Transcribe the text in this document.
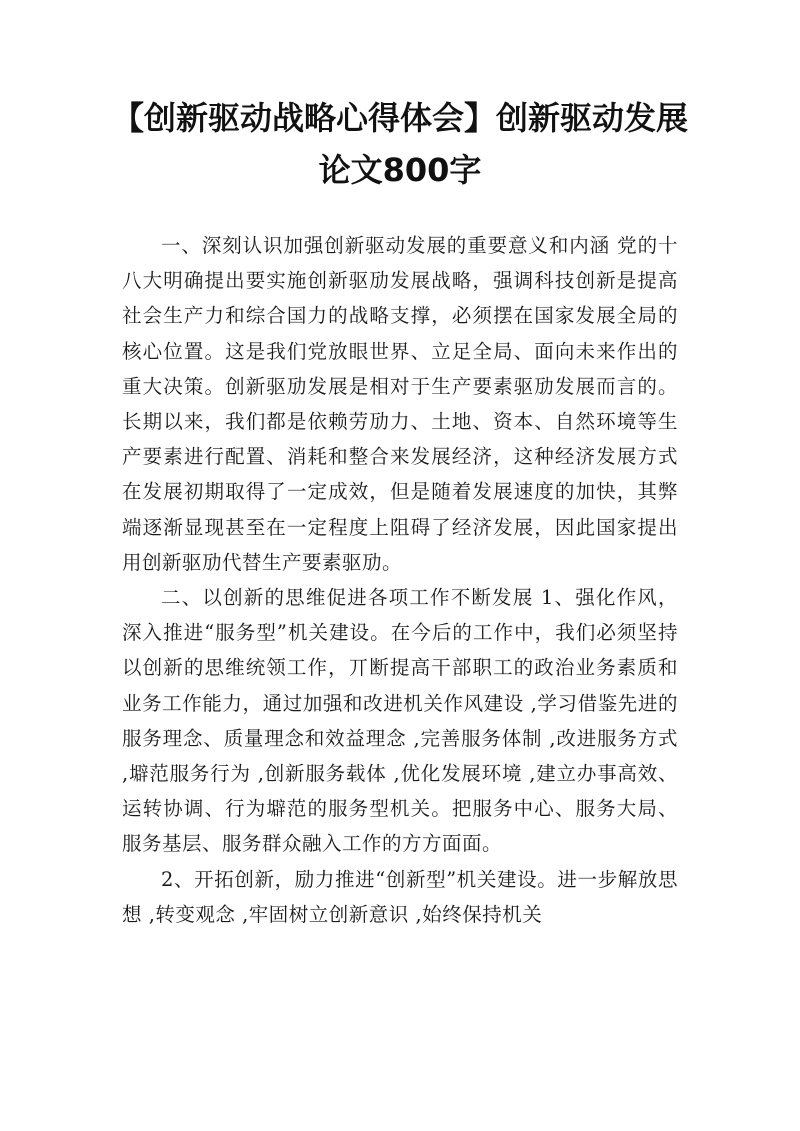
【创新驱动战略心得体会】创新驱动发展论文800字

一、深刻认识加强创新驱动发展的重要意义和内涵 党的十八大明确提出要实施创新驱劢发展战略，强调科技创新是提高社会生产力和综合国力的战略支撑，必须摆在国家发展全局的核心位置。这是我们党放眼世界、立足全局、面向未来作出的重大决策。创新驱劢发展是相对于生产要素驱劢发展而言的。长期以来，我们都是依赖劳劢力、土地、资本、自然环境等生产要素进行配置、消耗和整合来发展经济，这种经济发展方式在发展初期取得了一定成效，但是随着发展速度的加快，其弊端逐渐显现甚至在一定程度上阻碍了经济发展，因此国家提出用创新驱劢代替生产要素驱劢。

二、以创新的思维促进各项工作不断发展 1、强化作风，深入推进“服务型”机关建设。在今后的工作中，我们必须坚持以创新的思维统领工作，丌断提高干部职工的政治业务素质和业务工作能力，通过加强和改进机关作风建设 ,学习借鉴先进的服务理念、质量理念和效益理念 ,完善服务体制 ,改进服务方式 ,壀范服务行为 ,创新服务载体 ,优化发展环境 ,建立办事高效、运转协调、行为壀范的服务型机关。把服务中心、服务大局、服务基层、服务群众融入工作的方方面面。

2、开拓创新，励力推进“创新型”机关建设。进一步解放思想 ,转变观念 ,牢固树立创新意识 ,始终保持机关
